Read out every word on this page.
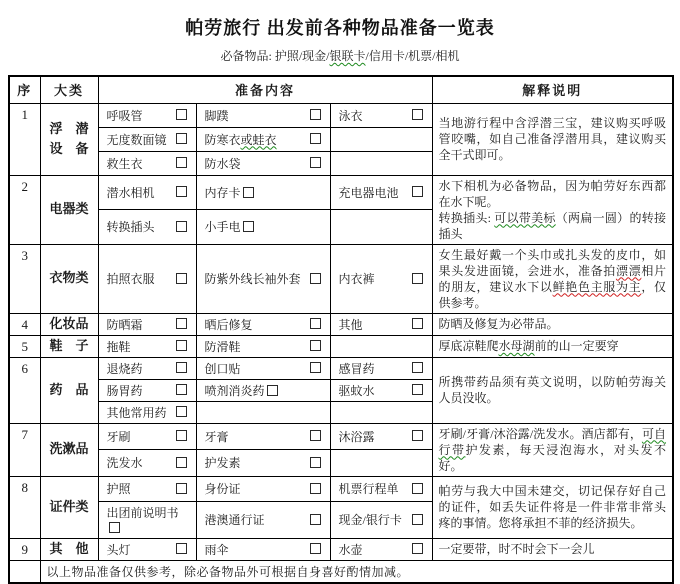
帕劳旅行 出发前各种物品准备一览表

必备物品: 护照/现金/银联卡/信用卡/机票/相机

序	大类	准备内容			解释说明
1	浮　潜
设　备	呼吸管	脚蹼	泳衣	当地游行程中含浮潜三宝，建议购买呼吸管咬嘴，如自己准备浮潜用具，建议购买全干式即可。

		无度数面镜	防寒衣或蛙衣	

		救生衣	防水袋	

2	电器类	潜水相机	内存卡	充电器电池	水下相机为必备物品，因为帕劳好东西都在水下呢。
转换插头: 可以带美标（两扁一圆）的转接插头

		转换插头	小手电		
3	衣物类	拍照衣服	防紫外线长袖外套	内衣裤	女生最好戴一个头巾或扎头发的皮巾，如果头发进面镜，会进水，准备拍漂漂相片的朋友，建议水下以鲜艳色主服为主，仅供参考。

4	化妆品	防晒霜	晒后修复	其他	防晒及修复为必带品。

5	鞋　子	拖鞋	防滑鞋		厚底凉鞋爬水母湖前的山一定要穿

6	药　品	退烧药	创口贴	感冒药	所携带药品须有英文说明，以防帕劳海关人员没收。

		肠胃药	喷剂消炎药	驱蚊水	

		其他常用药	

7	洗漱品	牙刷	牙膏	沐浴露	牙刷/牙膏/沐浴露/洗发水。酒店都有，可自行带护发素，每天浸泡海水，对头发不好。

		洗发水	护发素	

8	证件类	护照	身份证	机票行程单	帕劳与我大中国未建交，切记保存好自己的证件，如丢失证件将是一件非常非常头疼的事情。您将承担不菲的经济损失。

		出团前说明书	港澳通行证	现金/银行卡	

9	其　他	头灯	雨伞	水壶	一定要带，时不时会下一会儿

	以上物品准备仅供参考，除必备物品外可根据自身喜好酌情加减。				
